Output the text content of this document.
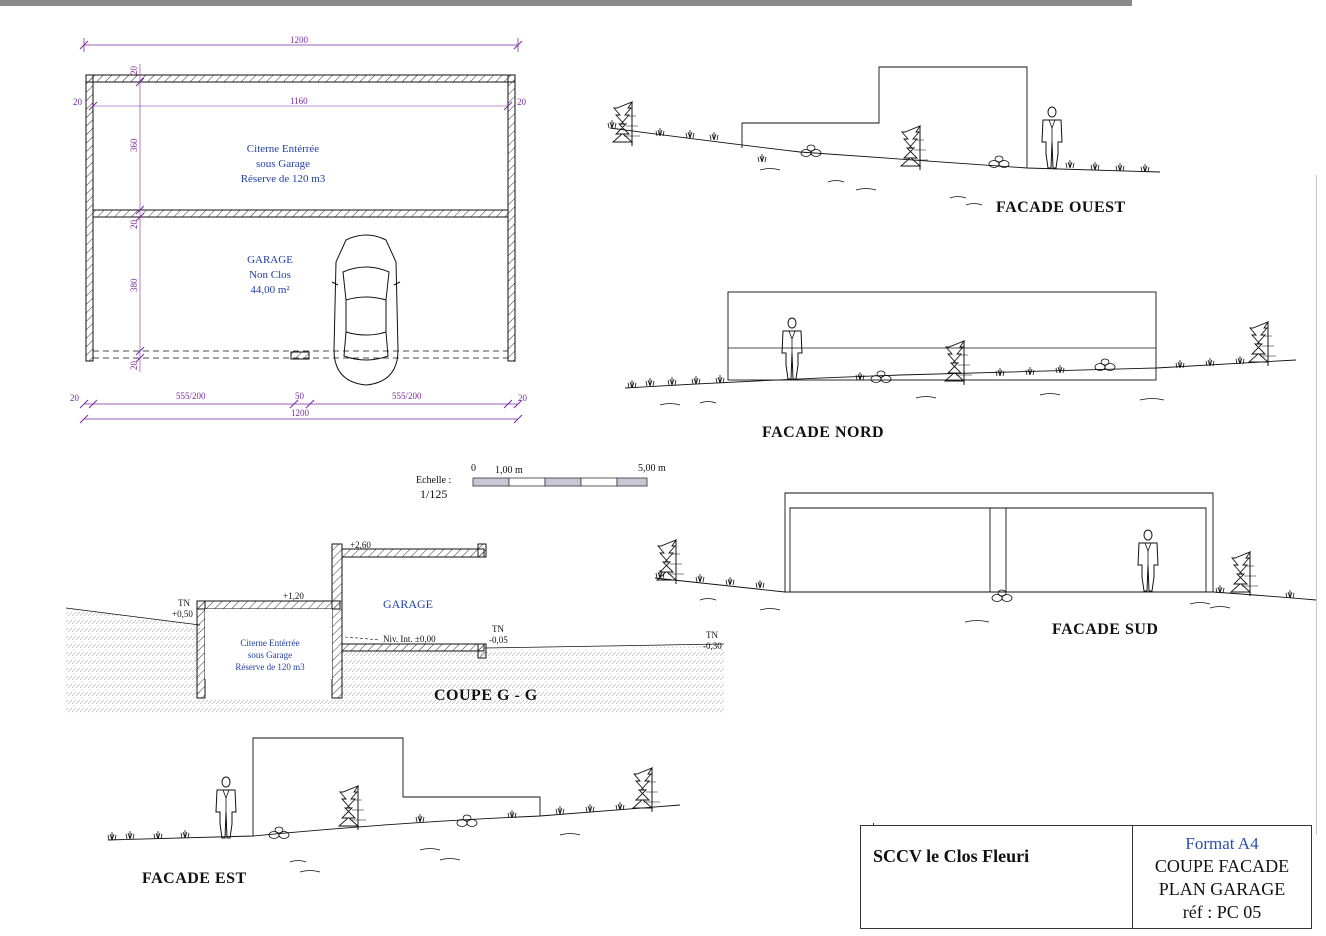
1200
1160
20	20
20
360
20
380
20
Citerne Entérrée
sous Garage
Réserve de 120 m3
GARAGE
Non Clos
44,00 m²
20	555/200	50	555/200	20
1200
Echelle :
1/125
0 1,00 m	5,00 m
TN
+0,50
+1,20
+2,60
GARAGE
Niv. Int. ±0,00
TN
-0,05	TN
-0,30
Citerne Entérrée
sous Garage
Réserve de 120 m3
COUPE G - G
FACADE OUEST
FACADE NORD
FACADE SUD
FACADE EST
SCCV le Clos Fleuri
Format A4
COUPE FACADE
PLAN GARAGE
réf : PC 05
